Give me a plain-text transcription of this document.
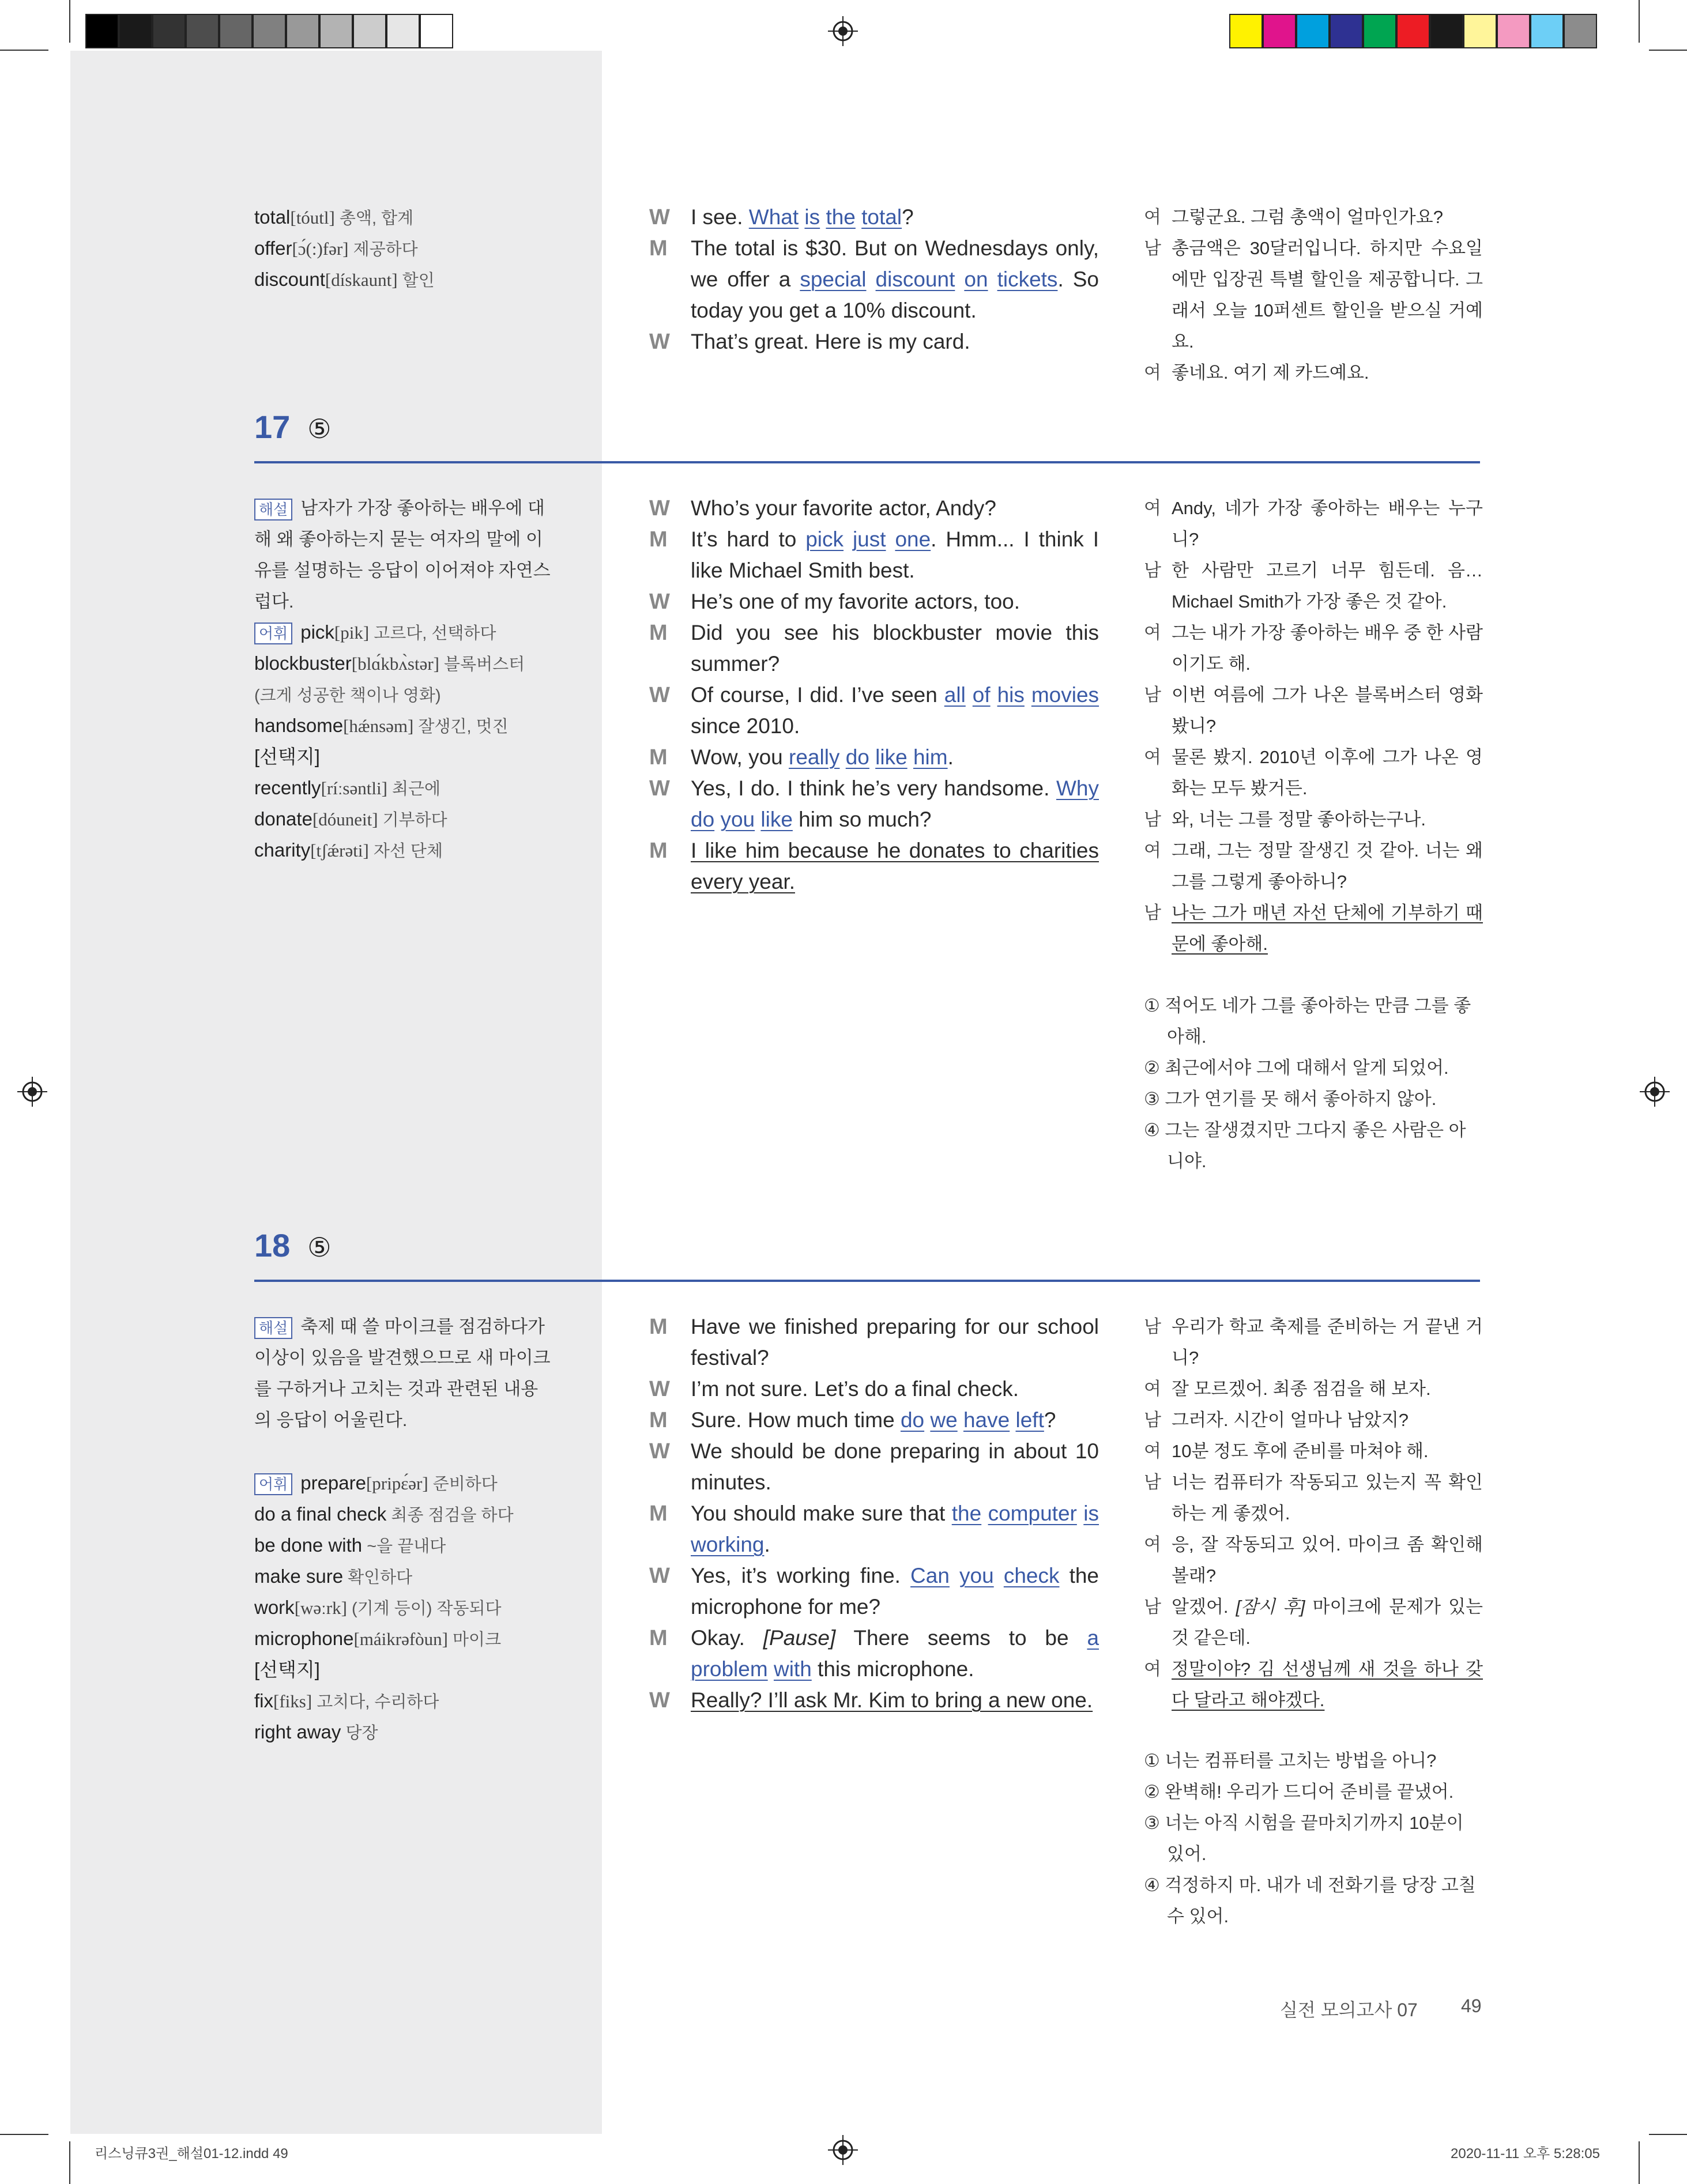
total[tóutl] 총액, 합계
offer[ɔ́(:)fər] 제공하다
discount[dískaunt] 할인
W I see. What is the total?
M	The total is $30. But on Wednesdays only, we offer a special discount on tickets. So today you get a 10% discount.
W That’s great. Here is my card.
여 그렇군요. 그럼 총액이 얼마인가요?
남 총금액은 30달러입니다. 하지만 수요일에만 입장권 특별 할인을 제공합니다. 그래서 오늘 10퍼센트 할인을 받으실 거예요.
여 좋네요. 여기 제 카드예요.
17 ⑤
해설 남자가 가장 좋아하는 배우에 대해 왜 좋아하는지 묻는 여자의 말에 이유를 설명하는 응답이 이어져야 자연스럽다.
어휘 pick[pik] 고르다, 선택하다
blockbuster[blɑ́kbʌ̀stər] 블록버스터
(크게 성공한 책이나 영화)
handsome[hǽnsəm] 잘생긴, 멋진
[선택지]
recently[ríːsəntli] 최근에
donate[dóuneit] 기부하다
charity[tʃǽrəti] 자선 단체
W Who’s your favorite actor, Andy?
M	It’s hard to pick just one. Hmm... I think I like Michael Smith best.
W He’s one of my favorite actors, too.
M	Did you see his blockbuster movie this summer?
W Of course, I did. I’ve seen all of his movies since 2010.
M	Wow, you really do like him.
W Yes, I do. I think he’s very handsome. Why do you like him so much?
M	I like him because he donates to charities every year.
여 Andy, 네가 가장 좋아하는 배우는 누구니?
남 한 사람만 고르기 너무 힘든데. 음… Michael Smith가 가장 좋은 것 같아.
여 그는 내가 가장 좋아하는 배우 중 한 사람이기도 해.
남 이번 여름에 그가 나온 블록버스터 영화 봤니?
여 물론 봤지. 2010년 이후에 그가 나온 영화는 모두 봤거든.
남 와, 너는 그를 정말 좋아하는구나.
여 그래, 그는 정말 잘생긴 것 같아. 너는 왜 그를 그렇게 좋아하니?
남 나는 그가 매년 자선 단체에 기부하기 때문에 좋아해.
① 적어도 네가 그를 좋아하는 만큼 그를 좋아해.
② 최근에서야 그에 대해서 알게 되었어.
③ 그가 연기를 못 해서 좋아하지 않아.
④ 그는 잘생겼지만 그다지 좋은 사람은 아니야.
18 ⑤
해설 축제 때 쓸 마이크를 점검하다가 이상이 있음을 발견했으므로 새 마이크를 구하거나 고치는 것과 관련된 내용의 응답이 어울린다.
어휘 prepare[pripɛ́ər] 준비하다
do a final check 최종 점검을 하다
be done with ~을 끝내다
make sure 확인하다
work[wəːrk] (기계 등이) 작동되다
microphone[máikrəfòun] 마이크
[선택지]
fix[fiks] 고치다, 수리하다
right away 당장
M	Have we finished preparing for our school festival?
W I’m not sure. Let’s do a final check.
M	Sure. How much time do we have left?
W We should be done preparing in about 10 minutes.
M	You should make sure that the computer is working.
W Yes, it’s working fine. Can you check the microphone for me?
M	Okay. [Pause] There seems to be a problem with this microphone.
W Really? I’ll ask Mr. Kim to bring a new one.
남 우리가 학교 축제를 준비하는 거 끝낸 거니?
여 잘 모르겠어. 최종 점검을 해 보자.
남 그러자. 시간이 얼마나 남았지?
여 10분 정도 후에 준비를 마쳐야 해.
남 너는 컴퓨터가 작동되고 있는지 꼭 확인하는 게 좋겠어.
여 응, 잘 작동되고 있어. 마이크 좀 확인해 볼래?
남 알겠어. [잠시 후] 마이크에 문제가 있는 것 같은데.
여 정말이야? 김 선생님께 새 것을 하나 갖다 달라고 해야겠다.
① 너는 컴퓨터를 고치는 방법을 아니?
② 완벽해! 우리가 드디어 준비를 끝냈어.
③ 너는 아직 시험을 끝마치기까지 10분이 있어.
④ 걱정하지 마. 내가 네 전화기를 당장 고칠 수 있어.
실전 모의고사 07 49
리스닝큐3권_해설01-12.indd 49	2020-11-11 오후 5:28:05
